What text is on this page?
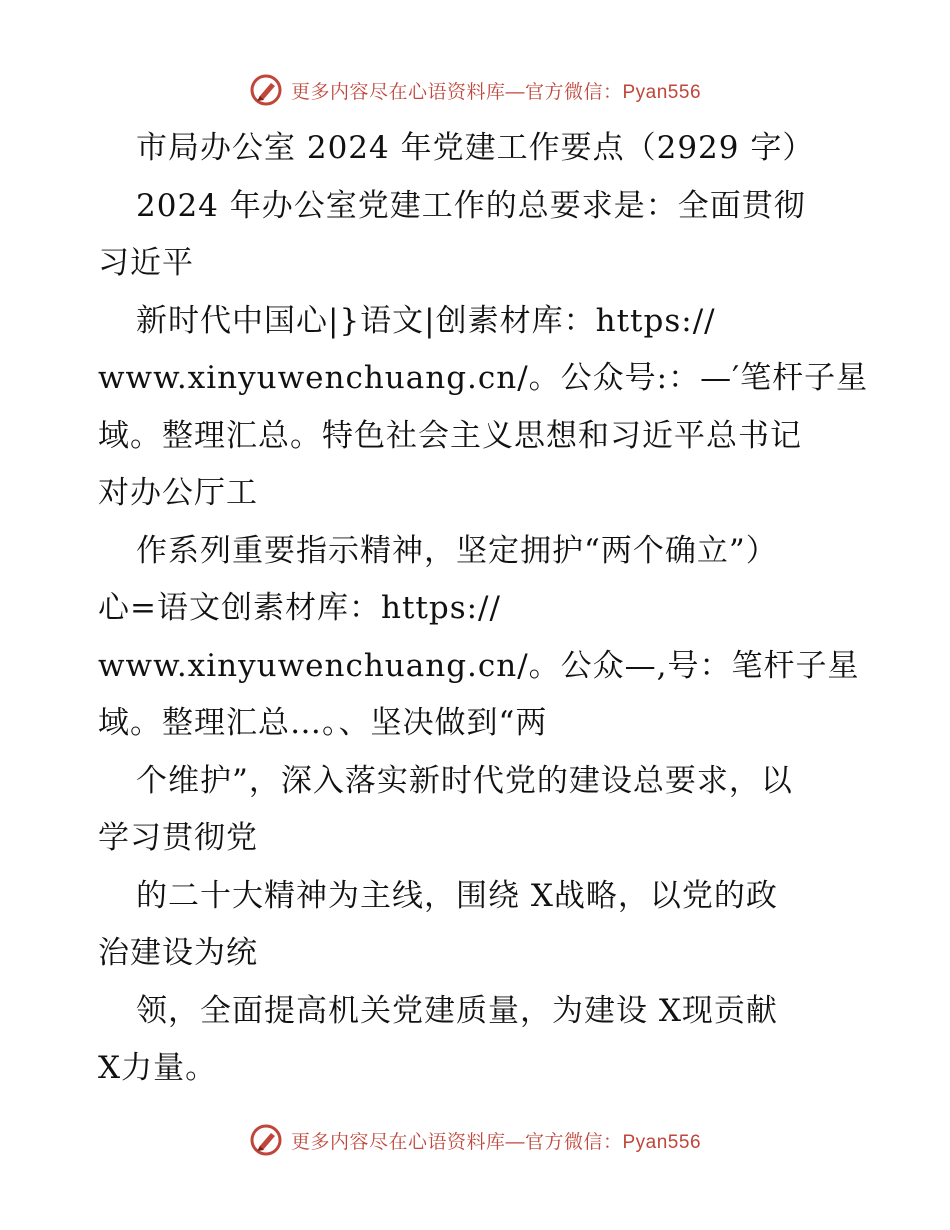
更多内容尽在心语资料库—官方微信：Pyan556
市局办公室 2024 年党建工作要点（2929 字）
2024 年办公室党建工作的总要求是：全面贯彻
习近平
新时代中国心|}语文|创素材库：https://
www.xinyuwenchuang.cn/。公众号:：—′笔杆子星
域。整理汇总。特色社会主义思想和习近平总书记
对办公厅工
作系列重要指示精神，坚定拥护“两个确立”）
心=语文创素材库：https://
www.xinyuwenchuang.cn/。公众—,号：笔杆子星
域。整理汇总…。、坚决做到“两
个维护”，深入落实新时代党的建设总要求，以
学习贯彻党
的二十大精神为主线，围绕 X战略，以党的政
治建设为统
领，全面提高机关党建质量，为建设 X现贡献
X力量。
更多内容尽在心语资料库—官方微信：Pyan556
